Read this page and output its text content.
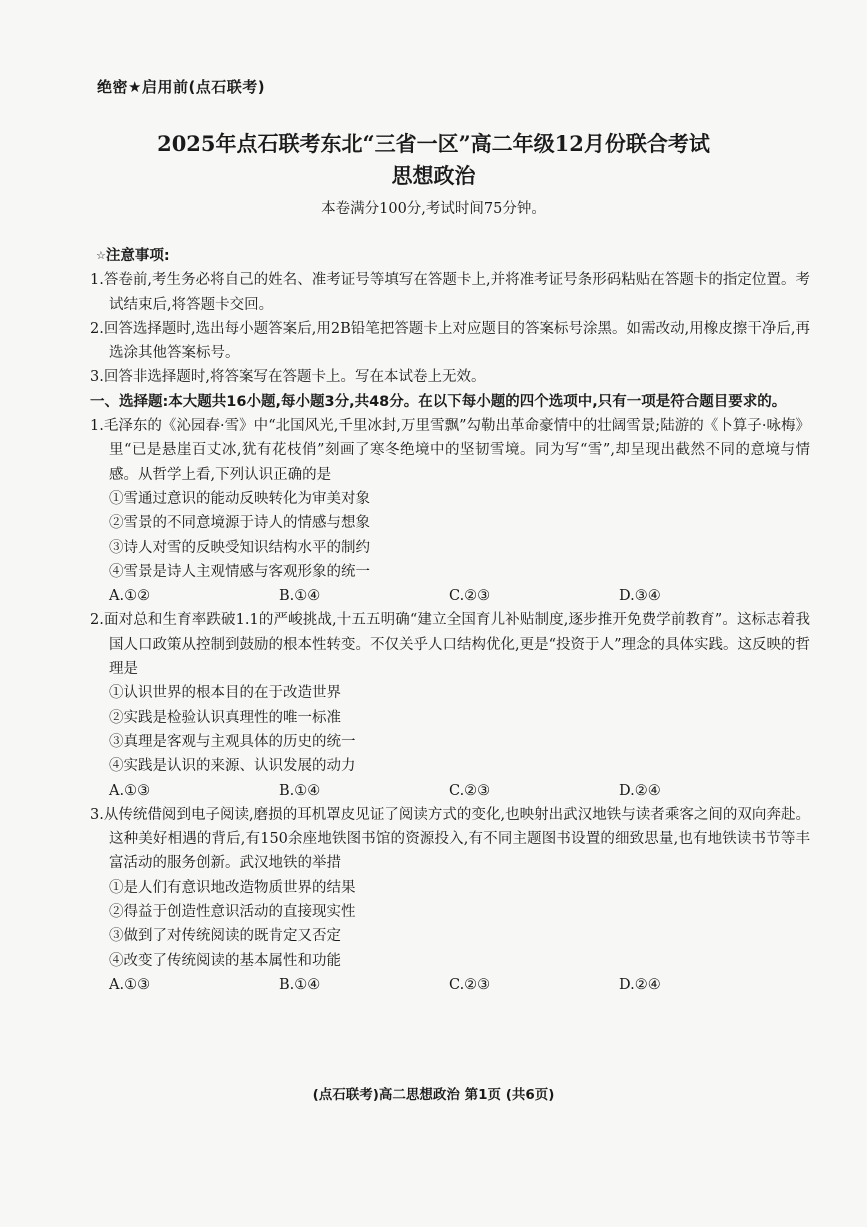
绝密★启用前(点石联考)
2025年点石联考东北“三省一区”高二年级12月份联合考试
思想政治
本卷满分100分,考试时间75分钟。
☆注意事项:
1.答卷前,考生务必将自己的姓名、准考证号等填写在答题卡上,并将准考证号条形码粘贴在答题卡的指定位置。考试结束后,将答题卡交回。
2.回答选择题时,选出每小题答案后,用2B铅笔把答题卡上对应题目的答案标号涂黑。如需改动,用橡皮擦干净后,再选涂其他答案标号。
3.回答非选择题时,将答案写在答题卡上。写在本试卷上无效。
一、选择题:本大题共16小题,每小题3分,共48分。在以下每小题的四个选项中,只有一项是符合题目要求的。
1.毛泽东的《沁园春·雪》中“北国风光,千里冰封,万里雪飘”勾勒出革命豪情中的壮阔雪景;陆游的《卜算子·咏梅》里“已是悬崖百丈冰,犹有花枝俏”刻画了寒冬绝境中的坚韧雪境。同为写“雪”,却呈现出截然不同的意境与情感。从哲学上看,下列认识正确的是
①雪通过意识的能动反映转化为审美对象
②雪景的不同意境源于诗人的情感与想象
③诗人对雪的反映受知识结构水平的制约
④雪景是诗人主观情感与客观形象的统一
A.①②	B.①④	C.②③	D.③④
2.面对总和生育率跌破1.1的严峻挑战,十五五明确“建立全国育儿补贴制度,逐步推开免费学前教育”。这标志着我国人口政策从控制到鼓励的根本性转变。不仅关乎人口结构优化,更是“投资于人”理念的具体实践。这反映的哲理是
①认识世界的根本目的在于改造世界
②实践是检验认识真理性的唯一标准
③真理是客观与主观具体的历史的统一
④实践是认识的来源、认识发展的动力
A.①③	B.①④	C.②③	D.②④
3.从传统借阅到电子阅读,磨损的耳机罩皮见证了阅读方式的变化,也映射出武汉地铁与读者乘客之间的双向奔赴。这种美好相遇的背后,有150余座地铁图书馆的资源投入,有不同主题图书设置的细致思量,也有地铁读书节等丰富活动的服务创新。武汉地铁的举措
①是人们有意识地改造物质世界的结果
②得益于创造性意识活动的直接现实性
③做到了对传统阅读的既肯定又否定
④改变了传统阅读的基本属性和功能
A.①③	B.①④	C.②③	D.②④
(点石联考)高二思想政治 第1页 (共6页)
